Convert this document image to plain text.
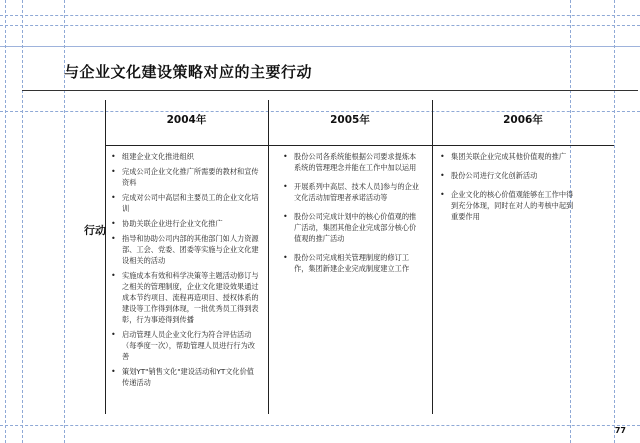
与企业文化建设策略对应的主要行动
2004年	2005年	2006年
行动
• 组建企业文化推进组织
• 完成公司企业文化推广所需要的教材和宣传资料
• 完成对公司中高层和主要员工的企业文化培训
• 协助关联企业进行企业文化推广
• 指导和协助公司内部的其他部门如人力资源部、工会、党委、团委等实施与企业文化建设相关的活动
• 实施成本有效和科学决策等主题活动修订与之相关的管理制度，企业文化建设效果通过成本节约项目、流程再造项目、授权体系的建设等工作得到体现，一批优秀员工得到表彰，行为事迹得到传播
• 启动管理人员企业文化行为符合评估活动（每季度一次），帮助管理人员进行行为改善
• 策划YT"销售文化"建设活动和YT文化价值传递活动
• 股份公司各系统能根据公司要求提炼本系统的管理理念并能在工作中加以运用
• 开展系列中高层、技术人员]参与的企业文化活动加管理者承诺活动等
• 股份公司完成计划中的核心价值观的推广活动，集团其他企业完成部分核心价值观的推广活动
• 股份公司完成相关管理制度的修订工作，集团新建企业完成制度建立工作
• 集团关联企业完成其他价值观的推广
• 股份公司进行文化创新活动
• 企业文化的核心价值观能够在工作中得到充分体现，同时在对人的考核中起到重要作用
77
